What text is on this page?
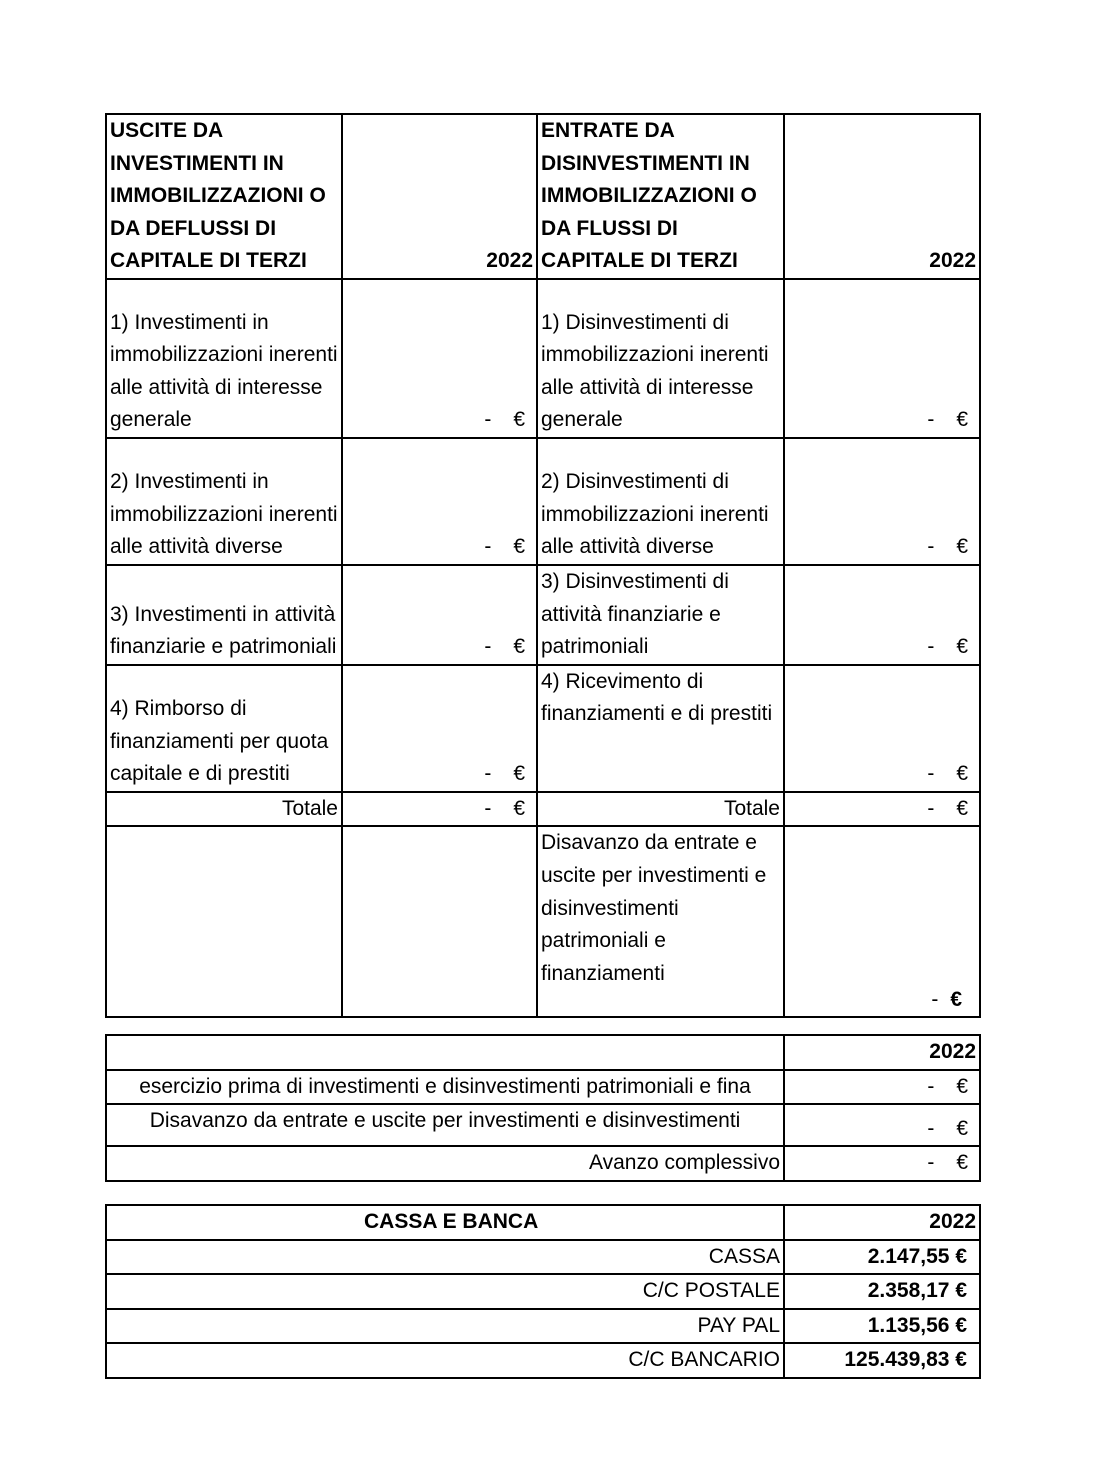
USCITE DA INVESTIMENTI IN IMMOBILIZZAZIONI O DA DEFLUSSI DI CAPITALE DI TERZI	2022	ENTRATE DA DISINVESTIMENTI IN IMMOBILIZZAZIONI O DA FLUSSI DI CAPITALE DI TERZI	2022
1) Investimenti in immobilizzazioni inerenti alle attività di interesse generale	- €	1) Disinvestimenti di immobilizzazioni inerenti alle attività di interesse generale	- €

2) Investimenti in immobilizzazioni inerenti alle attività diverse	- €	2) Disinvestimenti di immobilizzazioni inerenti alle attività diverse	- €

3) Investimenti in attività finanziarie e patrimoniali	- €	3) Disinvestimenti di attività finanziarie e patrimoniali	- €

4) Rimborso di finanziamenti per quota capitale e di prestiti	- €	4) Ricevimento di finanziamenti e di prestiti	- €

Totale	- €	Totale	- €

		Disavanzo da entrate e uscite per investimenti e disinvestimenti patrimoniali e finanziamenti	- €
	2022
esercizio prima di investimenti e disinvestimenti patrimoniali e fina	- €

Disavanzo da entrate e uscite per investimenti e disinvestimenti	- €

Avanzo complessivo	- €
CASSA E BANCA	2022
CASSA	2.147,55 €
C/C POSTALE	2.358,17 €
PAY PAL	1.135,56 €
C/C BANCARIO	125.439,83 €
